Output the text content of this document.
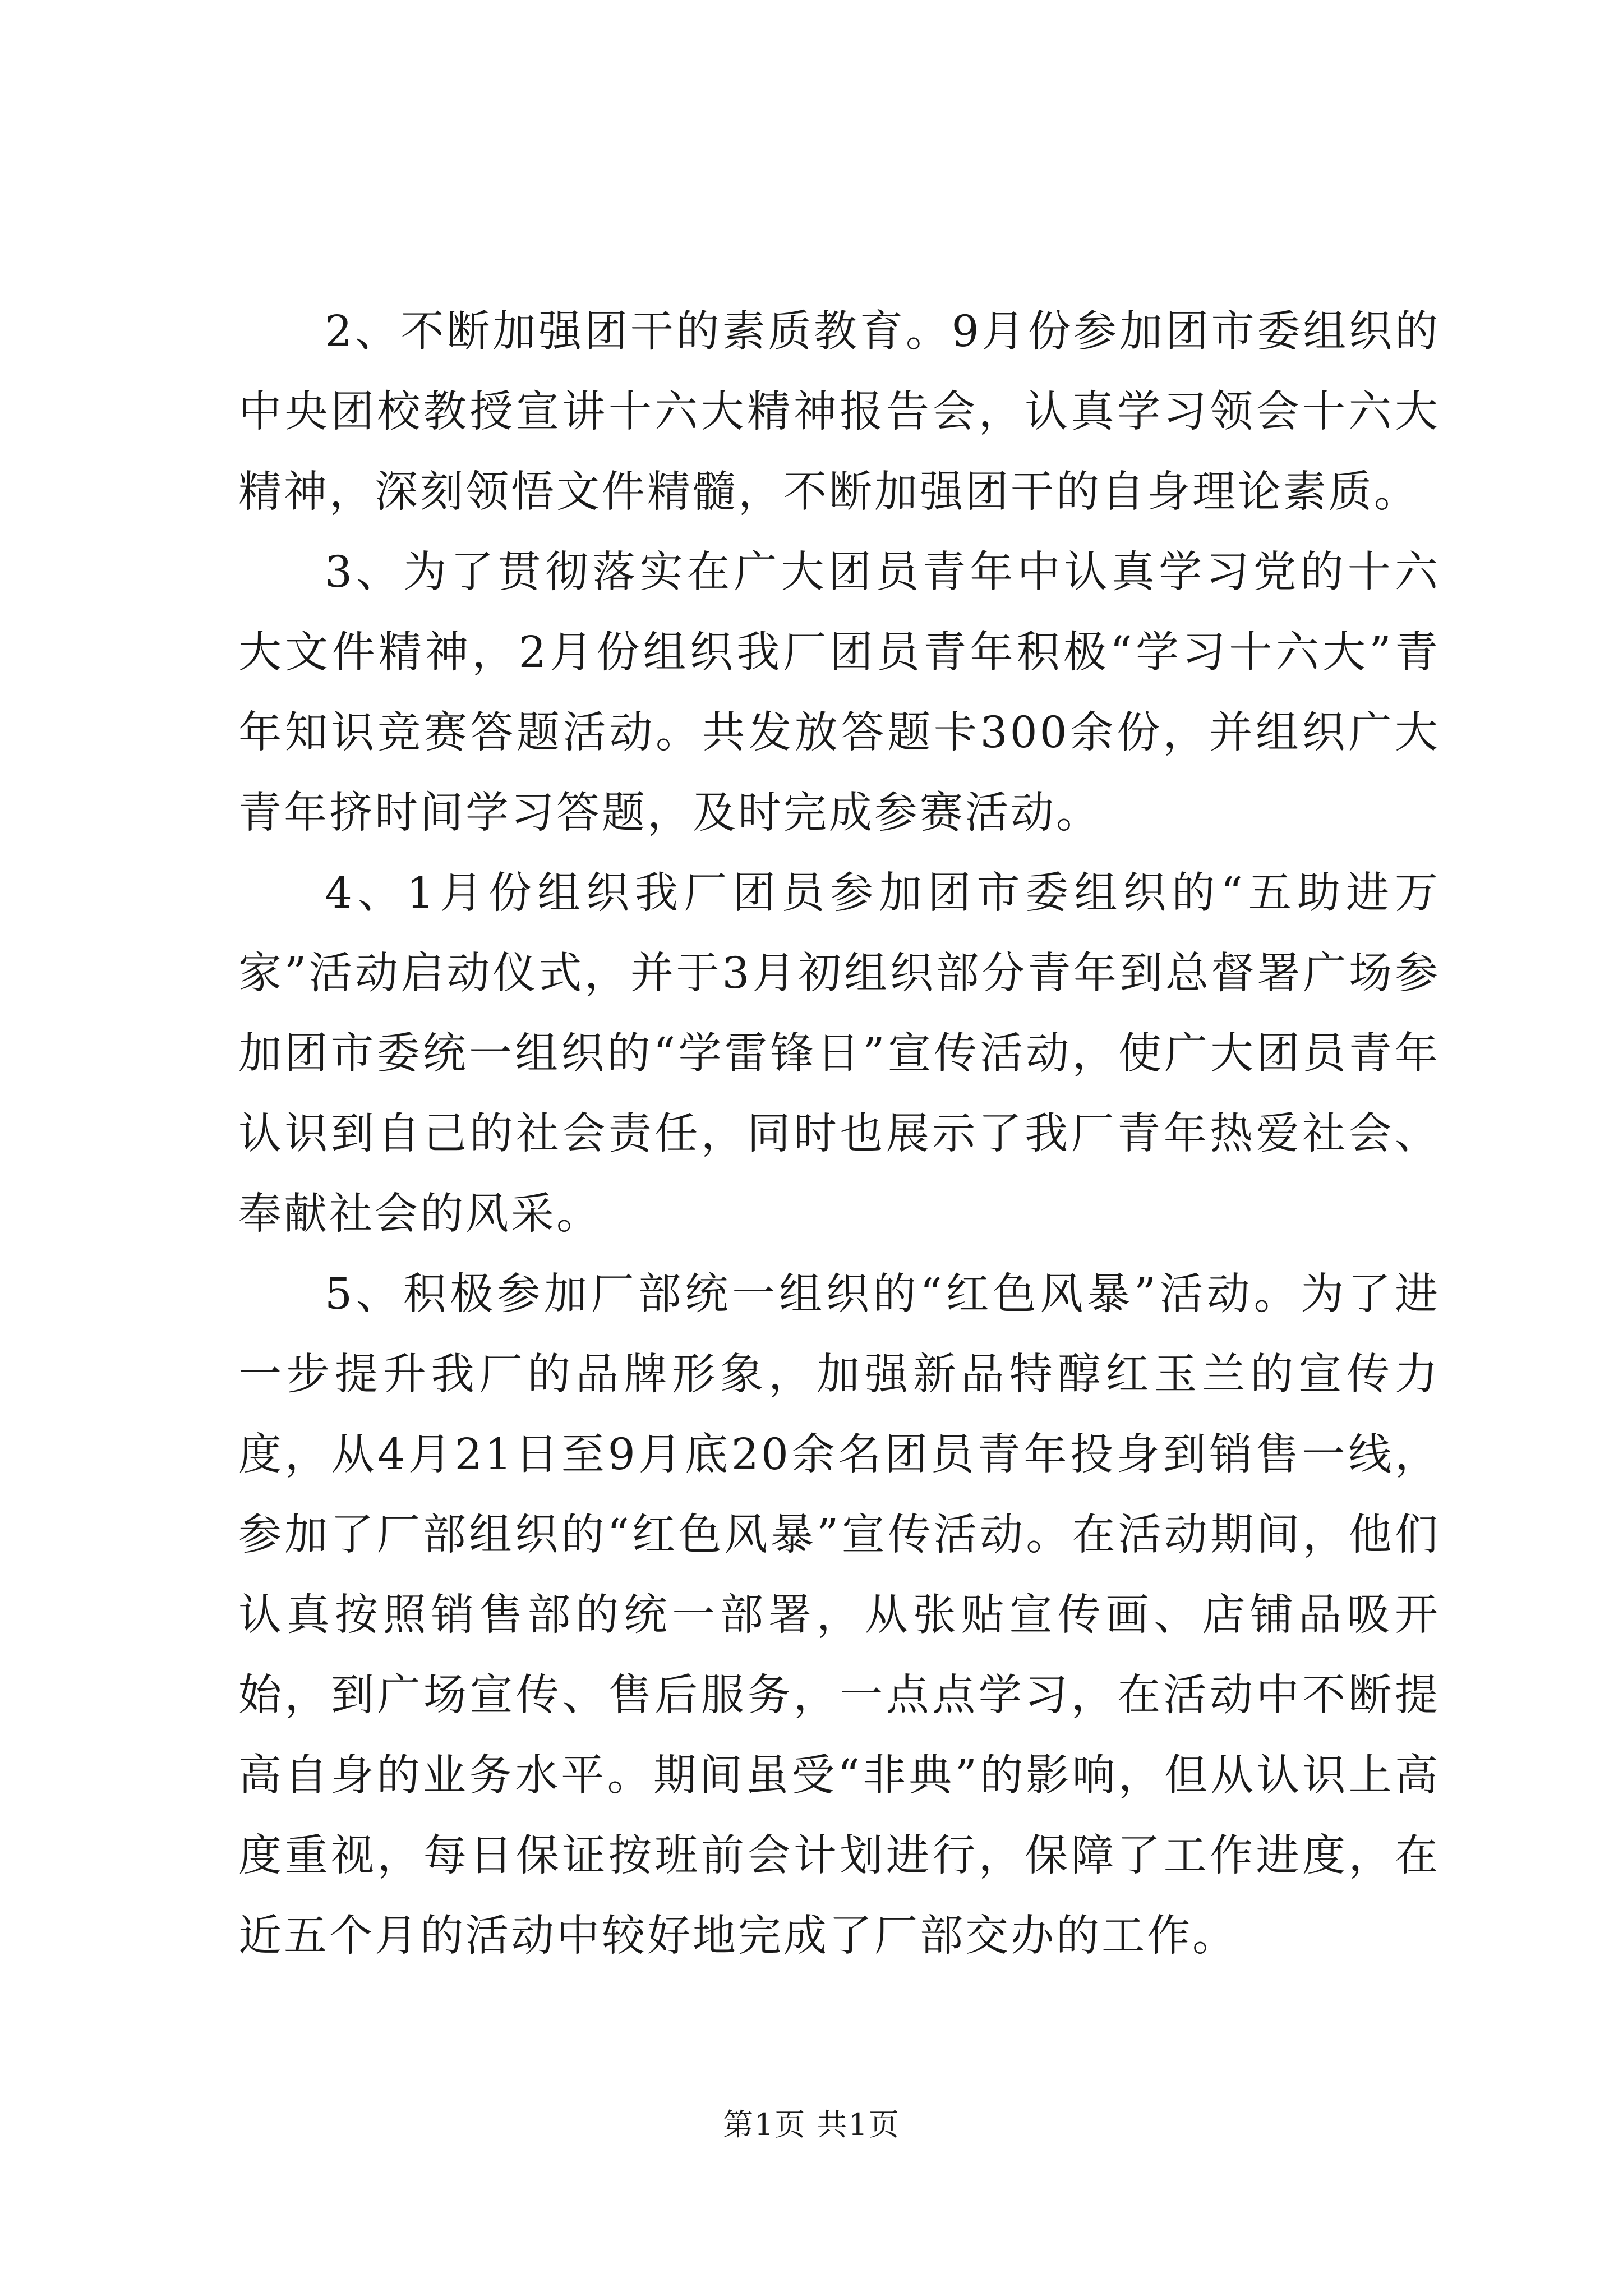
2、不断加强团干的素质教育。9月份参加团市委组织的中央团校教授宣讲十六大精神报告会，认真学习领会十六大精神，深刻领悟文件精髓，不断加强团干的自身理论素质。

3、为了贯彻落实在广大团员青年中认真学习党的十六大文件精神，2月份组织我厂团员青年积极“学习十六大”青年知识竞赛答题活动。共发放答题卡300余份，并组织广大青年挤时间学习答题，及时完成参赛活动。

4、1月份组织我厂团员参加团市委组织的“五助进万家”活动启动仪式，并于3月初组织部分青年到总督署广场参加团市委统一组织的“学雷锋日”宣传活动，使广大团员青年认识到自己的社会责任，同时也展示了我厂青年热爱社会、奉献社会的风采。

5、积极参加厂部统一组织的“红色风暴”活动。为了进一步提升我厂的品牌形象，加强新品特醇红玉兰的宣传力度，从4月21日至9月底20余名团员青年投身到销售一线，参加了厂部组织的“红色风暴”宣传活动。在活动期间，他们认真按照销售部的统一部署，从张贴宣传画、店铺品吸开始，到广场宣传、售后服务，一点点学习，在活动中不断提高自身的业务水平。期间虽受“非典”的影响，但从认识上高度重视，每日保证按班前会计划进行，保障了工作进度，在近五个月的活动中较好地完成了厂部交办的工作。

第1页 共1页
